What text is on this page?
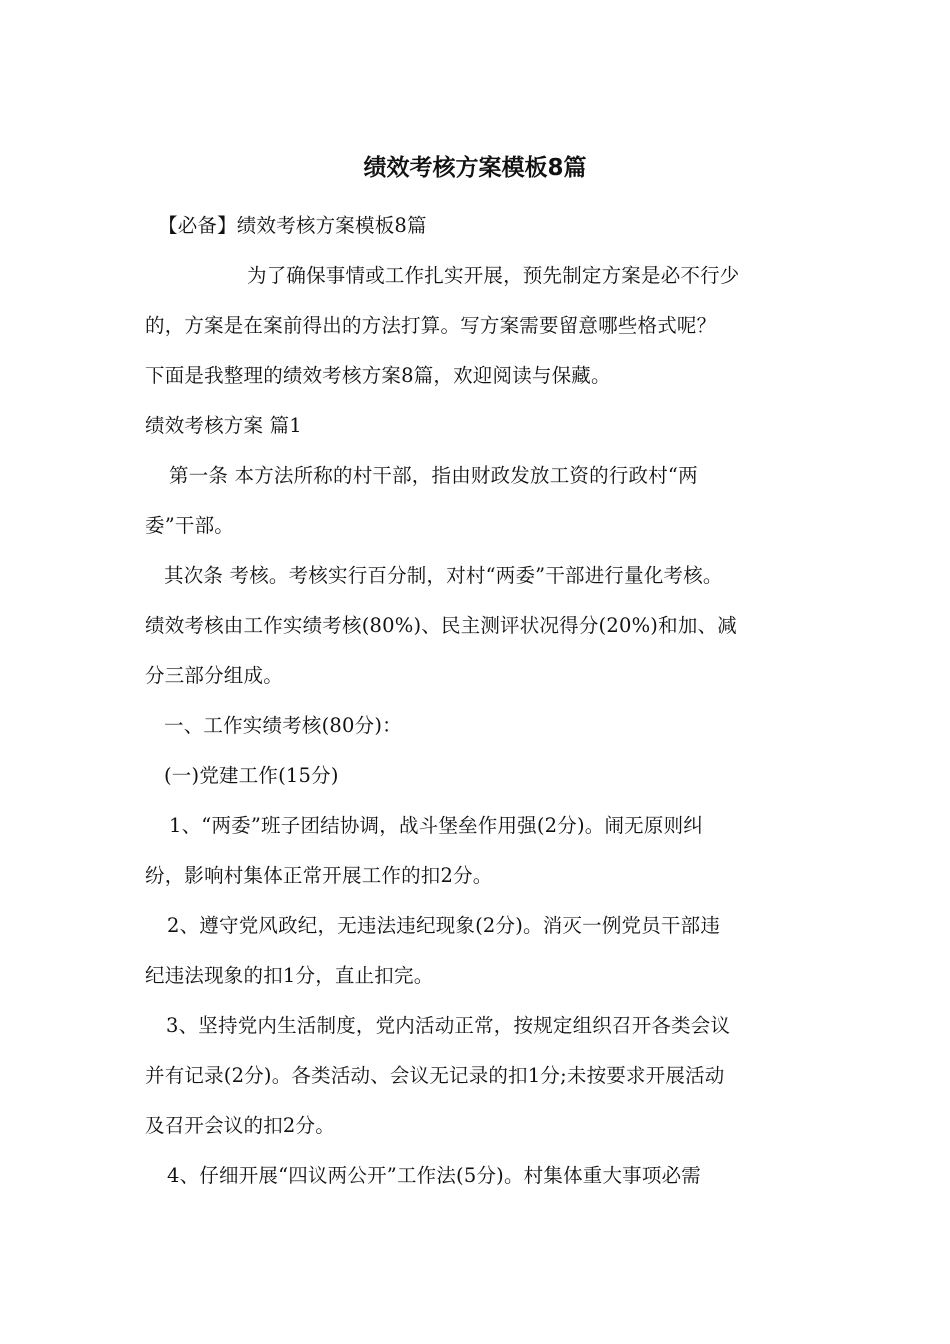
绩效考核方案模板8篇
【必备】绩效考核方案模板8篇
为了确保事情或工作扎实开展，预先制定方案是必不行少
的，方案是在案前得出的方法打算。写方案需要留意哪些格式呢？
下面是我整理的绩效考核方案8篇，欢迎阅读与保藏。
绩效考核方案 篇1
第一条 本方法所称的村干部，指由财政发放工资的行政村“两
委”干部。
其次条 考核。考核实行百分制，对村“两委”干部进行量化考核。
绩效考核由工作实绩考核(80%)、民主测评状况得分(20%)和加、减
分三部分组成。
一、工作实绩考核(80分)：
(一)党建工作(15分)
1、“两委”班子团结协调，战斗堡垒作用强(2分)。闹无原则纠
纷，影响村集体正常开展工作的扣2分。
2、遵守党风政纪，无违法违纪现象(2分)。消灭一例党员干部违
纪违法现象的扣1分，直止扣完。
3、坚持党内生活制度，党内活动正常，按规定组织召开各类会议
并有记录(2分)。各类活动、会议无记录的扣1分;未按要求开展活动
及召开会议的扣2分。
4、仔细开展“四议两公开”工作法(5分)。村集体重大事项必需
